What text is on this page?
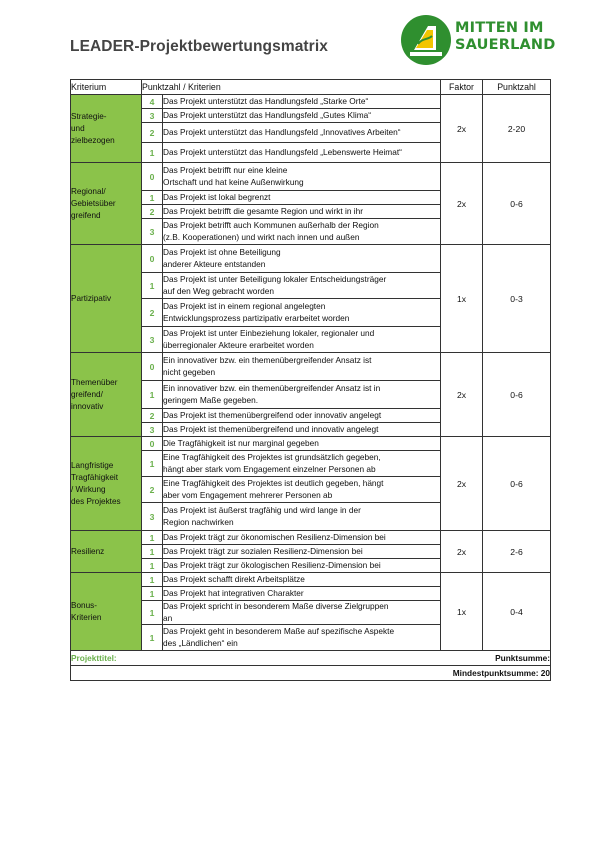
LEADER-Projektbewertungsmatrix
MITTEN IM
SAUERLAND
Kriterium	Punktzahl / Kriterien		Faktor	Punktzahl
Strategie-
und
zielbezogen	4	Das Projekt unterstützt das Handlungsfeld „Starke Orte“	2x	2-20
	3	Das Projekt unterstützt das Handlungsfeld „Gutes Klima“		
	2	Das Projekt unterstützt das Handlungsfeld „Innovatives Arbeiten“		
	1	Das Projekt unterstützt das Handlungsfeld „Lebenswerte Heimat“		
Regional/
Gebietsüber
greifend	0	Das Projekt betrifft nur eine kleine
Ortschaft und hat keine Außenwirkung	2x	0-6
	1	Das Projekt ist lokal begrenzt		
	2	Das Projekt betrifft die gesamte Region und wirkt in ihr		
	3	Das Projekt betrifft auch Kommunen außerhalb der Region
(z.B. Kooperationen) und wirkt nach innen und außen		
Partizipativ	0	Das Projekt ist ohne Beteiligung
anderer Akteure entstanden	1x	0-3
	1	Das Projekt ist unter Beteiligung lokaler Entscheidungsträger
auf den Weg gebracht worden		
	2	Das Projekt ist in einem regional angelegten
Entwicklungsprozess partizipativ erarbeitet worden		
	3	Das Projekt ist unter Einbeziehung lokaler, regionaler und
überregionaler Akteure erarbeitet worden		
Themenüber
greifend/
innovativ	0	Ein innovativer bzw. ein themenübergreifender Ansatz ist
nicht gegeben	2x	0-6
	1	Ein innovativer bzw. ein themenübergreifender Ansatz ist in
geringem Maße gegeben.		
	2	Das Projekt ist themenübergreifend oder innovativ angelegt		
	3	Das Projekt ist themenübergreifend und innovativ angelegt		
Langfristige
Tragfähigkeit
/ Wirkung
des Projektes	0	Die Tragfähigkeit ist nur marginal gegeben	2x	0-6
	1	Eine Tragfähigkeit des Projektes ist grundsätzlich gegeben,
hängt aber stark vom Engagement einzelner Personen ab		
	2	Eine Tragfähigkeit des Projektes ist deutlich gegeben, hängt
aber vom Engagement mehrerer Personen ab		
	3	Das Projekt ist äußerst tragfähig und wird lange in der
Region nachwirken		
Resilienz	1	Das Projekt trägt zur ökonomischen Resilienz-Dimension bei	2x	2-6
	1	Das Projekt trägt zur sozialen Resilienz-Dimension bei		
	1	Das Projekt trägt zur ökologischen Resilienz-Dimension bei		
Bonus-
Kriterien	1	Das Projekt schafft direkt Arbeitsplätze	1x	0-4
	1	Das Projekt hat integrativen Charakter		
	1	Das Projekt spricht in besonderem Maße diverse Zielgruppen
an		
	1	Das Projekt geht in besonderem Maße auf spezifische Aspekte
des „Ländlichen“ ein		
Projekttitel:			Punktsumme:	
Mindestpunktsumme: 20				
